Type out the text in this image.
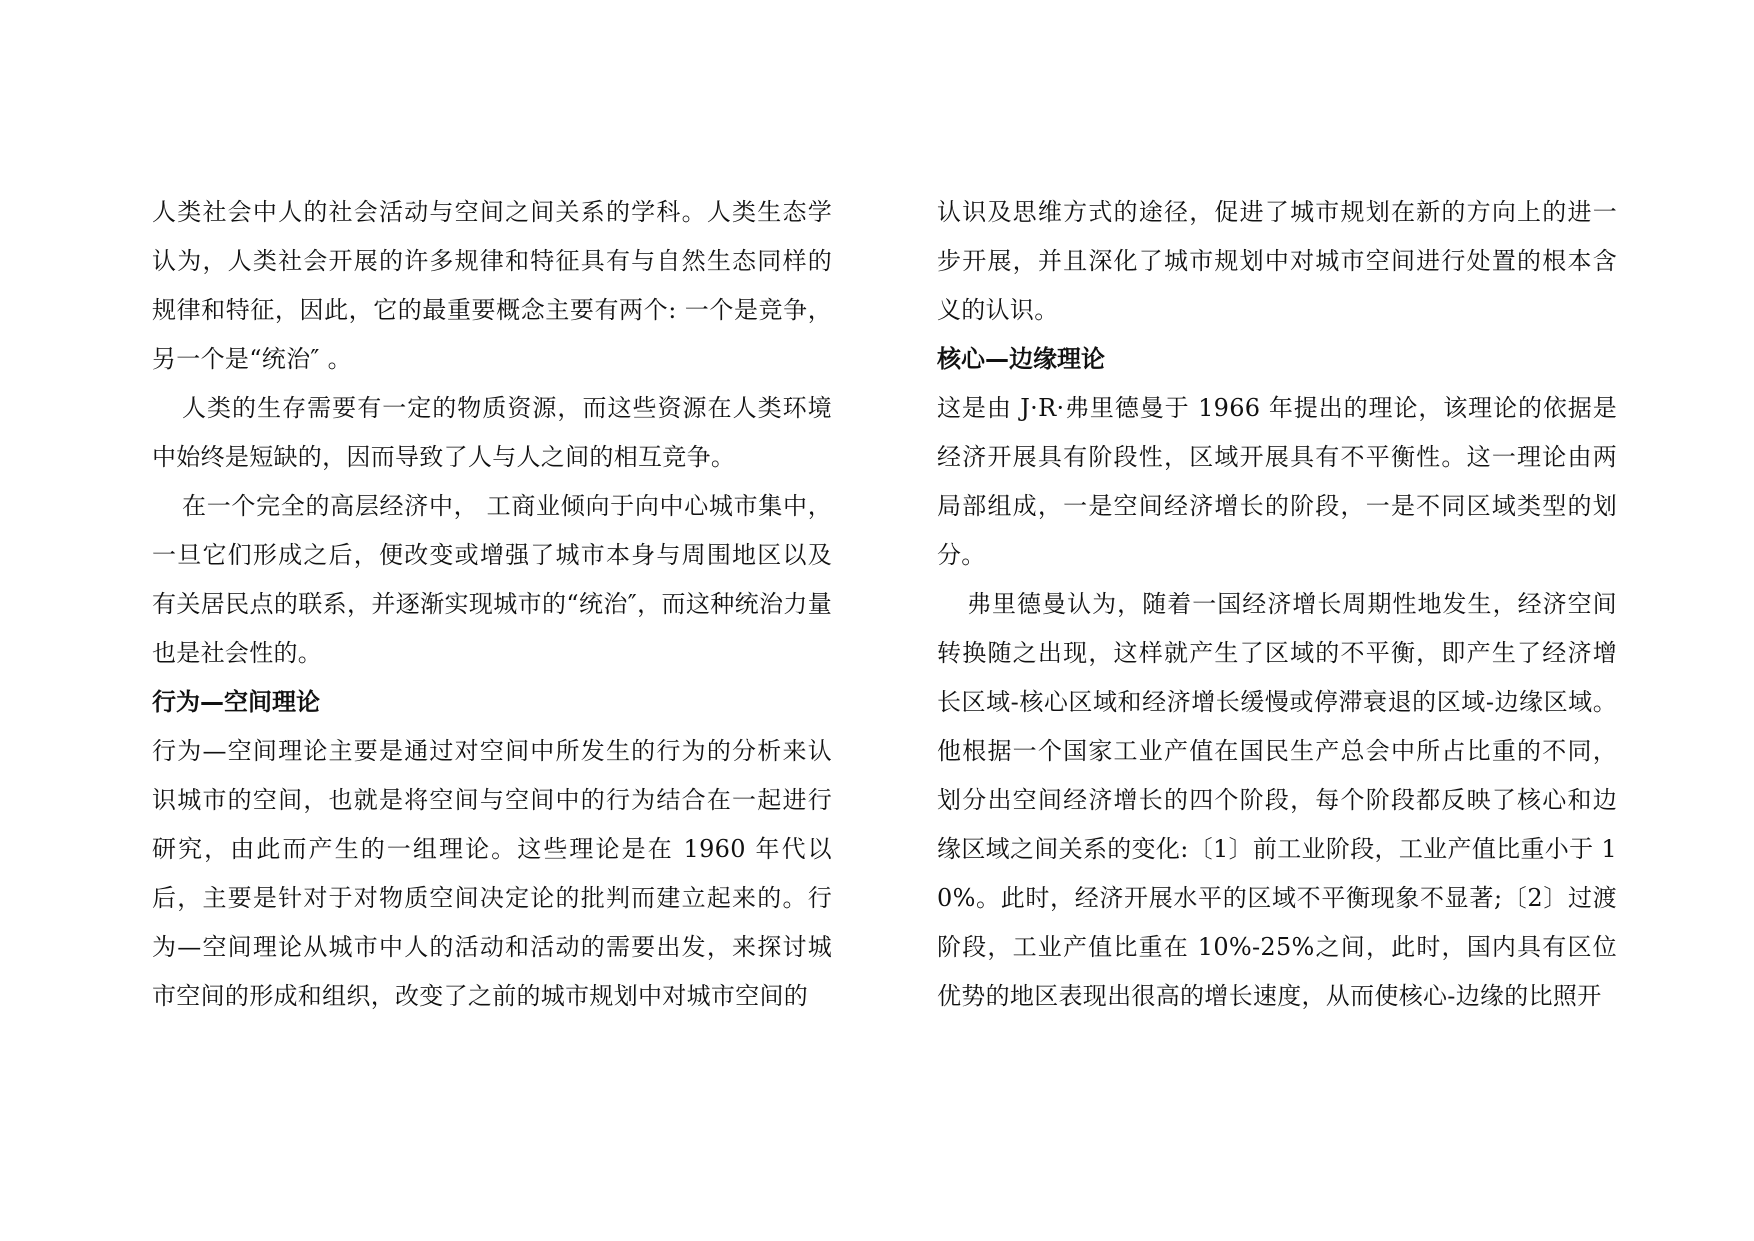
人类社会中人的社会活动与空间之间关系的学科。人类生态学认为，人类社会开展的许多规律和特征具有与自然生态同样的规律和特征，因此，它的最重要概念主要有两个: 一个是竞争，另一个是“统治″ 。

人类的生存需要有一定的物质资源，而这些资源在人类环境中始终是短缺的，因而导致了人与人之间的相互竞争。

在一个完全的高层经济中， 工商业倾向于向中心城市集中，一旦它们形成之后，便改变或增强了城市本身与周围地区以及有关居民点的联系，并逐渐实现城市的“统治″，而这种统治力量也是社会性的。

行为—空间理论

行为—空间理论主要是通过对空间中所发生的行为的分析来认识城市的空间，也就是将空间与空间中的行为结合在一起进行研究，由此而产生的一组理论。这些理论是在 1960 年代以后，主要是针对于对物质空间决定论的批判而建立起来的。行为—空间理论从城市中人的活动和活动的需要出发，来探讨城市空间的形成和组织，改变了之前的城市规划中对城市空间的

认识及思维方式的途径，促进了城市规划在新的方向上的进一步开展，并且深化了城市规划中对城市空间进行处置的根本含义的认识。

核心—边缘理论

这是由 J·R·弗里德曼于 1966 年提出的理论，该理论的依据是经济开展具有阶段性，区域开展具有不平衡性。这一理论由两局部组成，一是空间经济增长的阶段，一是不同区域类型的划分。

弗里德曼认为，随着一国经济增长周期性地发生，经济空间转换随之出现，这样就产生了区域的不平衡，即产生了经济增长区域-核心区域和经济增长缓慢或停滞衰退的区域-边缘区域。他根据一个国家工业产值在国民生产总会中所占比重的不同，划分出空间经济增长的四个阶段，每个阶段都反映了核心和边缘区域之间关系的变化:〔1〕前工业阶段，工业产值比重小于 10%。此时，经济开展水平的区域不平衡现象不显著;〔2〕过渡阶段，工业产值比重在 10%-25%之间，此时，国内具有区位优势的地区表现出很高的增长速度，从而使核心-边缘的比照开
